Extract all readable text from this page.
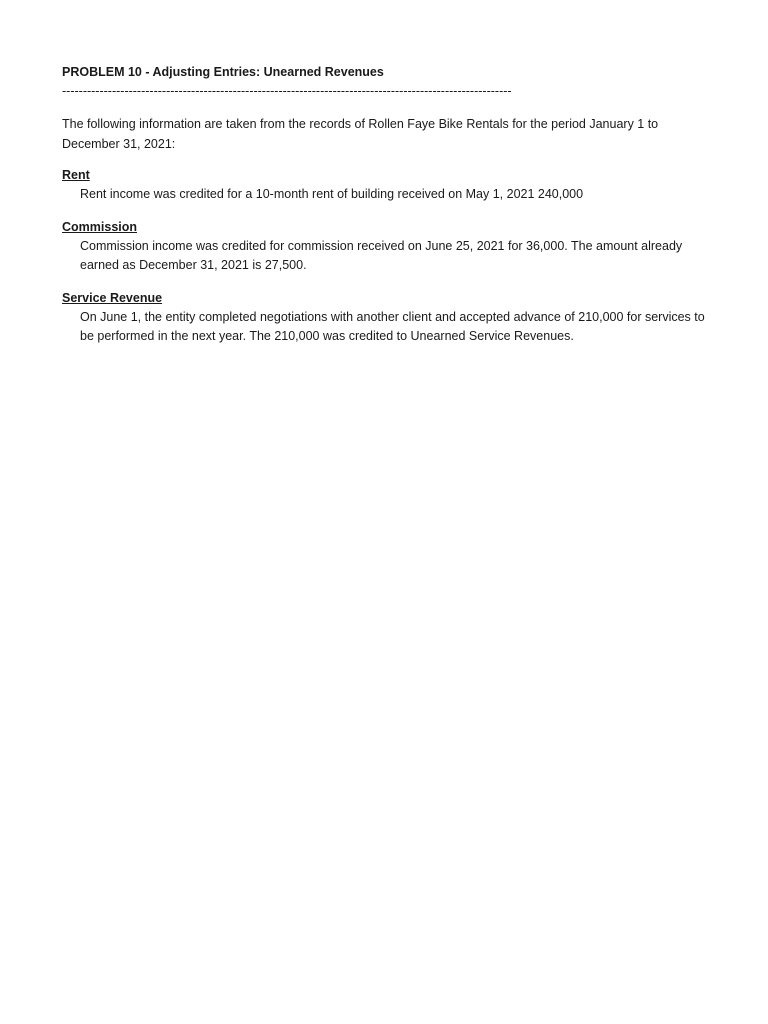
PROBLEM 10 - Adjusting Entries: Unearned Revenues

------------------------------------------------------------------------------------------------------------

The following information are taken from the records of Rollen Faye Bike Rentals for the period January 1 to December 31, 2021:

Rent

Rent income was credited for a 10-month rent of building received on May 1, 2021 240,000

Commission

Commission income was credited for commission received on June 25, 2021 for 36,000. The amount already earned as December 31, 2021 is 27,500.

Service Revenue

On June 1, the entity completed negotiations with another client and accepted advance of 210,000 for services to be performed in the next year. The 210,000 was credited to Unearned Service Revenues.
